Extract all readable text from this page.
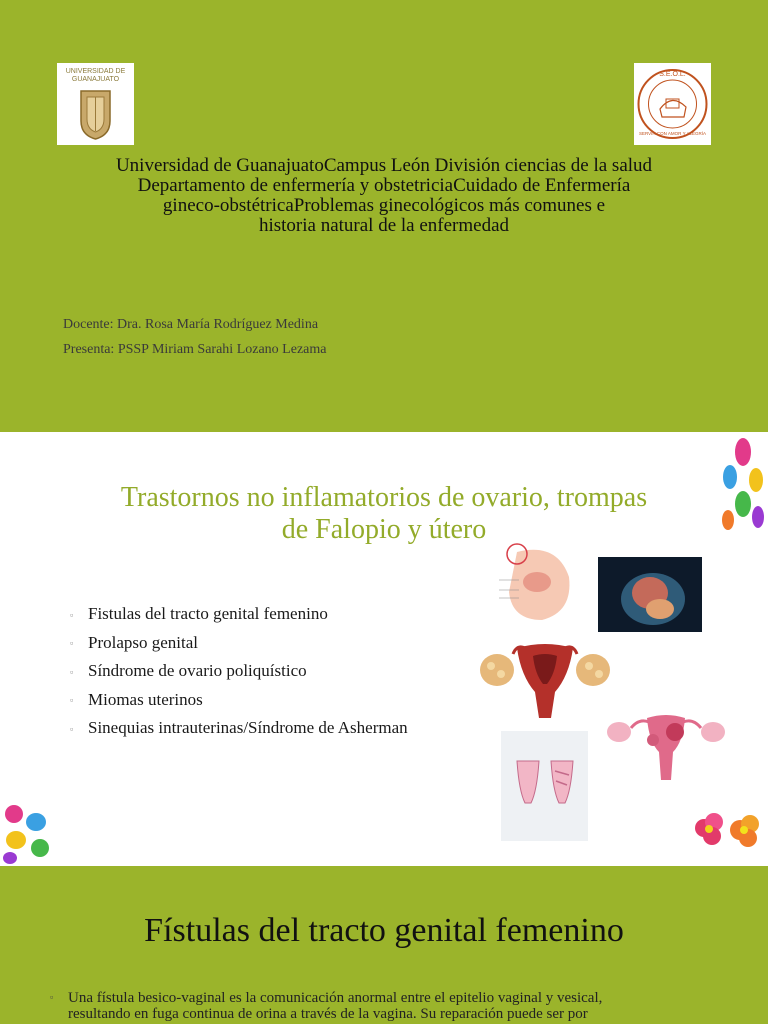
UNIVERSIDAD DE GUANAJUATO
S.E.O.L.
SERVIR CON AMOR Y ALEGRÍA
Universidad de GuanajuatoCampus León División ciencias de la salud
Departamento de enfermería y obstetriciaCuidado de Enfermería
gineco-obstétricaProblemas ginecológicos más comunes e
historia natural de la enfermedad
Docente: Dra. Rosa María Rodríguez Medina
Presenta: PSSP Miriam Sarahi Lozano Lezama
Trastornos no inflamatorios de ovario, trompas
de Falopio y útero
▫ Fistulas del tracto genital femenino
▫ Prolapso genital
▫ Síndrome de ovario poliquístico
▫ Miomas uterinos
▫ Sinequias intrauterinas/Síndrome de Asherman
Fístulas del tracto genital femenino
▫ Una fístula besico-vaginal es la comunicación anormal entre el epitelio vaginal y vesical,
resultando en fuga continua de orina a través de la vagina. Su reparación puede ser por
